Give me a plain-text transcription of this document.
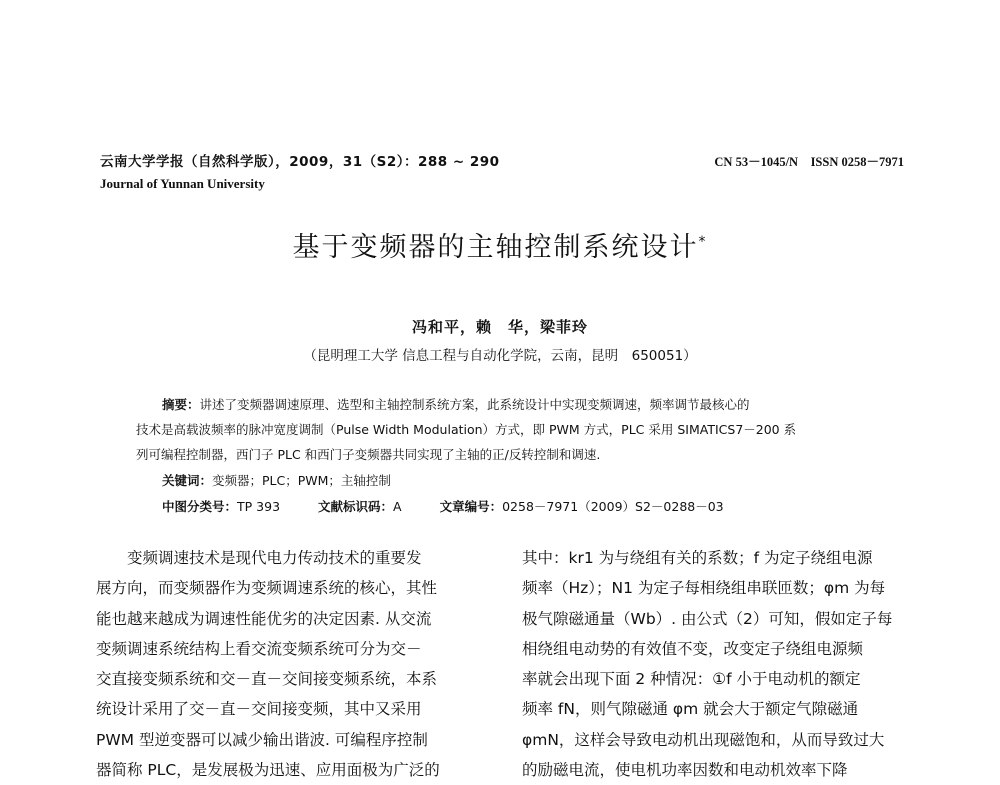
云南大学学报（自然科学版），2009，31（S2）：288 ~ 290
Journal of Yunnan University
CN 53－1045/N　ISSN 0258－7971
基于变频器的主轴控制系统设计*
冯和平，赖　华，梁菲玲
（昆明理工大学 信息工程与自动化学院，云南，昆明　650051）
摘要：讲述了变频器调速原理、选型和主轴控制系统方案，此系统设计中实现变频调速，频率调节最核心的
技术是高载波频率的脉冲宽度调制（Pulse Width Modulation）方式，即 PWM 方式，PLC 采用 SIMATICS7－200 系
列可编程控制器，西门子 PLC 和西门子变频器共同实现了主轴的正/反转控制和调速.
关键词：变频器；PLC；PWM；主轴控制
中图分类号：TP 393	文献标识码：A	文章编号：0258－7971（2009）S2－0288－03
　　变频调速技术是现代电力传动技术的重要发
展方向，而变频器作为变频调速系统的核心，其性
能也越来越成为调速性能优劣的决定因素. 从交流
变频调速系统结构上看交流变频系统可分为交－
交直接变频系统和交－直－交间接变频系统，本系
统设计采用了交－直－交间接变频，其中又采用
PWM 型逆变器可以减少输出谐波. 可编程序控制
器简称 PLC，是发展极为迅速、应用面极为广泛的
其中：kr1 为与绕组有关的系数；f 为定子绕组电源
频率（Hz）；N1 为定子每相绕组串联匝数；φm 为每
极气隙磁通量（Wb）. 由公式（2）可知，假如定子每
相绕组电动势的有效值不变，改变定子绕组电源频
率就会出现下面 2 种情况：①f 小于电动机的额定
频率 fN，则气隙磁通 φm 就会大于额定气隙磁通
φmN，这样会导致电动机出现磁饱和，从而导致过大
的励磁电流，使电机功率因数和电动机效率下降
